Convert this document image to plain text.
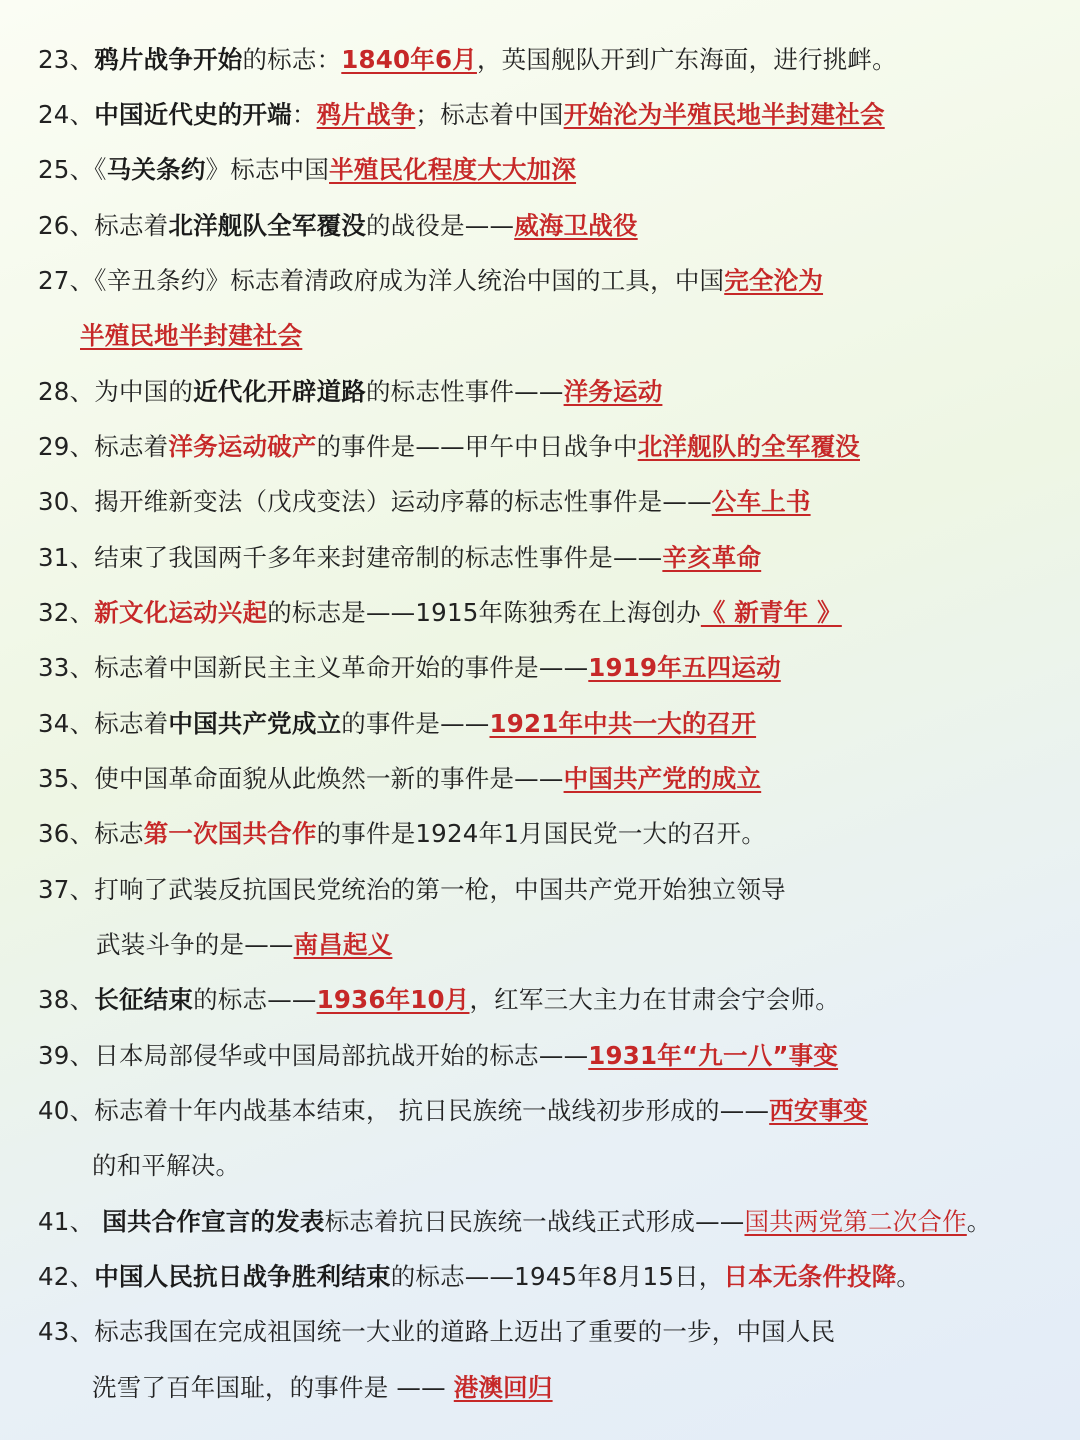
23、鸦片战争开始的标志：1840年6月，英国舰队开到广东海面，进行挑衅。
24、中国近代史的开端：鸦片战争；标志着中国开始沦为半殖民地半封建社会
25、《马关条约》标志中国半殖民化程度大大加深
26、标志着北洋舰队全军覆没的战役是——威海卫战役
27、《辛丑条约》标志着清政府成为洋人统治中国的工具，中国完全沦为
半殖民地半封建社会
28、为中国的近代化开辟道路的标志性事件——洋务运动
29、标志着洋务运动破产的事件是——甲午中日战争中北洋舰队的全军覆没
30、揭开维新变法（戊戌变法）运动序幕的标志性事件是——公车上书
31、结束了我国两千多年来封建帝制的标志性事件是——辛亥革命
32、新文化运动兴起的标志是——1915年陈独秀在上海创办《 新青年 》
33、标志着中国新民主主义革命开始的事件是——1919年五四运动
34、标志着中国共产党成立的事件是——1921年中共一大的召开
35、使中国革命面貌从此焕然一新的事件是——中国共产党的成立
36、标志第一次国共合作的事件是1924年1月国民党一大的召开。
37、打响了武装反抗国民党统治的第一枪，中国共产党开始独立领导
武装斗争的是——南昌起义
38、长征结束的标志——1936年10月，红军三大主力在甘肃会宁会师。
39、日本局部侵华或中国局部抗战开始的标志——1931年“九一八”事变
40、标志着十年内战基本结束， 抗日民族统一战线初步形成的——西安事变
的和平解决。
41、 国共合作宣言的发表标志着抗日民族统一战线正式形成——国共两党第二次合作。
42、中国人民抗日战争胜利结束的标志——1945年8月15日，日本无条件投降。
43、标志我国在完成祖国统一大业的道路上迈出了重要的一步，中国人民
洗雪了百年国耻，的事件是 —— 港澳回归
